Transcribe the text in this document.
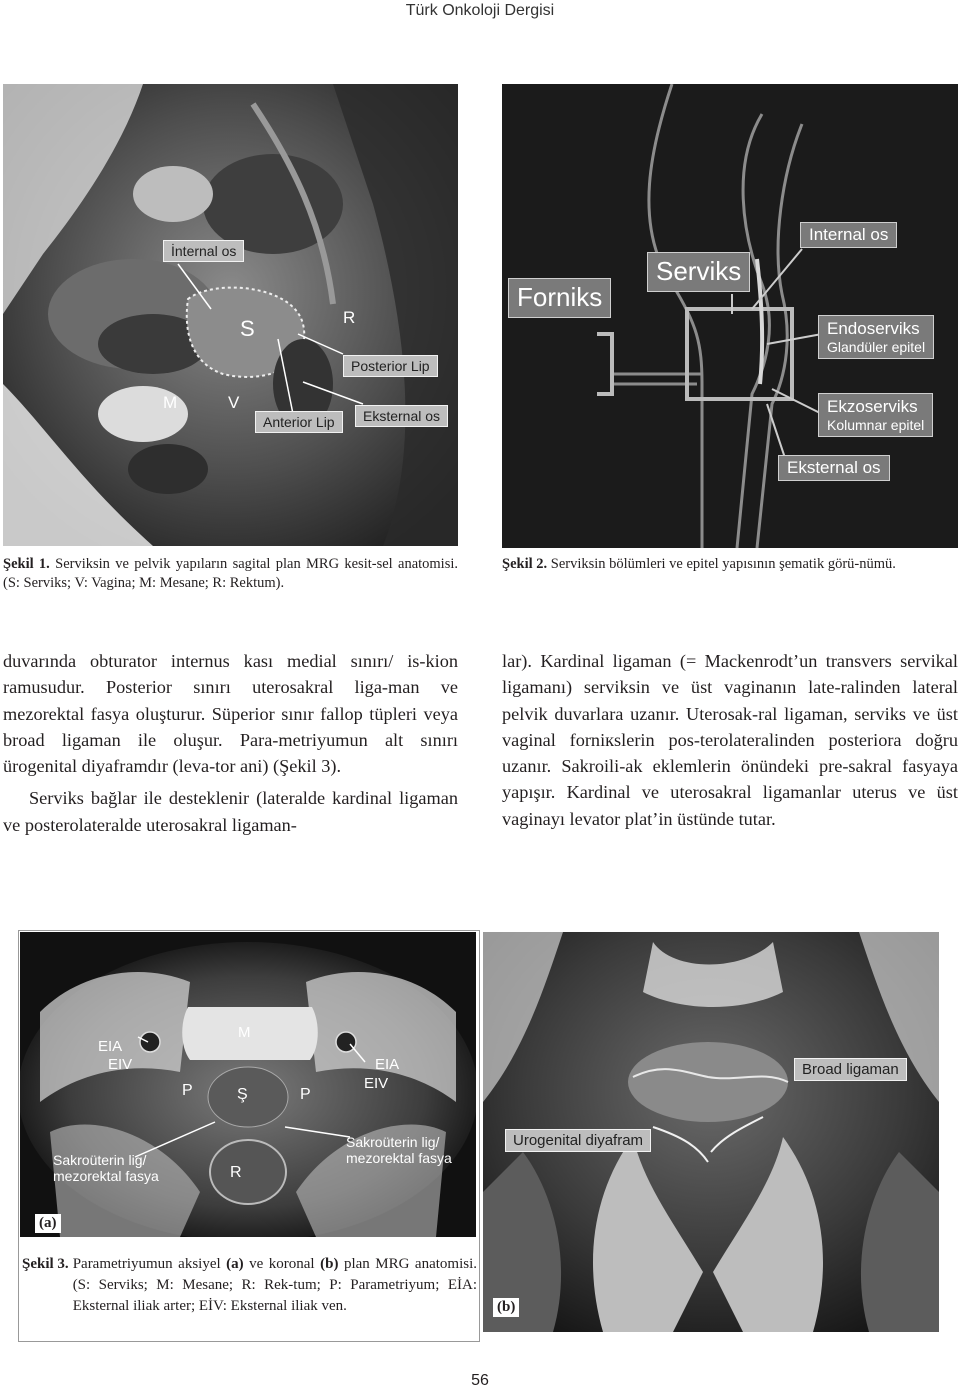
Türk Onkoloji Dergisi
İnternal os
S	R
Posterior Lip
M	V
Anterior Lip	Eksternal os
Internal os
Serviks
Forniks
Endoserviks
Glandüler epitel
Ekzoserviks
Kolumnar epitel
Eksternal os
Şekil 1. Serviksin ve pelvik yapıların sagital plan MRG kesit-sel anatomisi. (S: Serviks; V: Vagina; M: Mesane; R: Rektum).
Şekil 2. Serviksin bölümleri ve epitel yapısının şematik görü-nümü.

duvarında obturator internus kası medial sınırı/ is-kion ramusudur. Posterior sınırı uterosakral liga-man ve mezorektal fasya oluşturur. Süperior sınır fallop tüpleri veya broad ligaman ile oluşur. Para-metriyumun alt sınırı ürogenital diyaframdır (leva-tor ani) (Şekil 3).

Serviks bağlar ile desteklenir (lateralde kardinal ligaman ve posterolateralde uterosakral ligaman-

lar). Kardinal ligaman (= Mackenrodt’un transvers servikal ligamanı) serviksin ve üst vaginanın late-ralinden lateral pelvik duvarlara uzanır. Uterosak-ral ligaman, serviks ve üst vaginal forniкslerin pos-terolateralinden posteriora doğru uzanır. Sakroili-ak eklemlerin önündeki pre-sakral fasyaya yapışır. Kardinal ve uterosakral ligamanlar uterus ve üst vaginayı levator plat’in üstünde tutar.

EIA
EIV
M
EIA
EIV
P	Ş	P
Sakroüterin lig/
mezorektal fasya
Sakroüterin lig/
mezorektal fasya	R
(a)
Şekil 3. Parametriyumun aksiyel (a) ve koronal (b) plan MRG anatomisi. (S: Serviks; M: Mesane; R: Rek-tum; P: Parametriyum; EİA: Eksternal iliak arter; EİV: Eksternal iliak ven.
Broad ligaman
Urogenital diyafram
(b)
56
